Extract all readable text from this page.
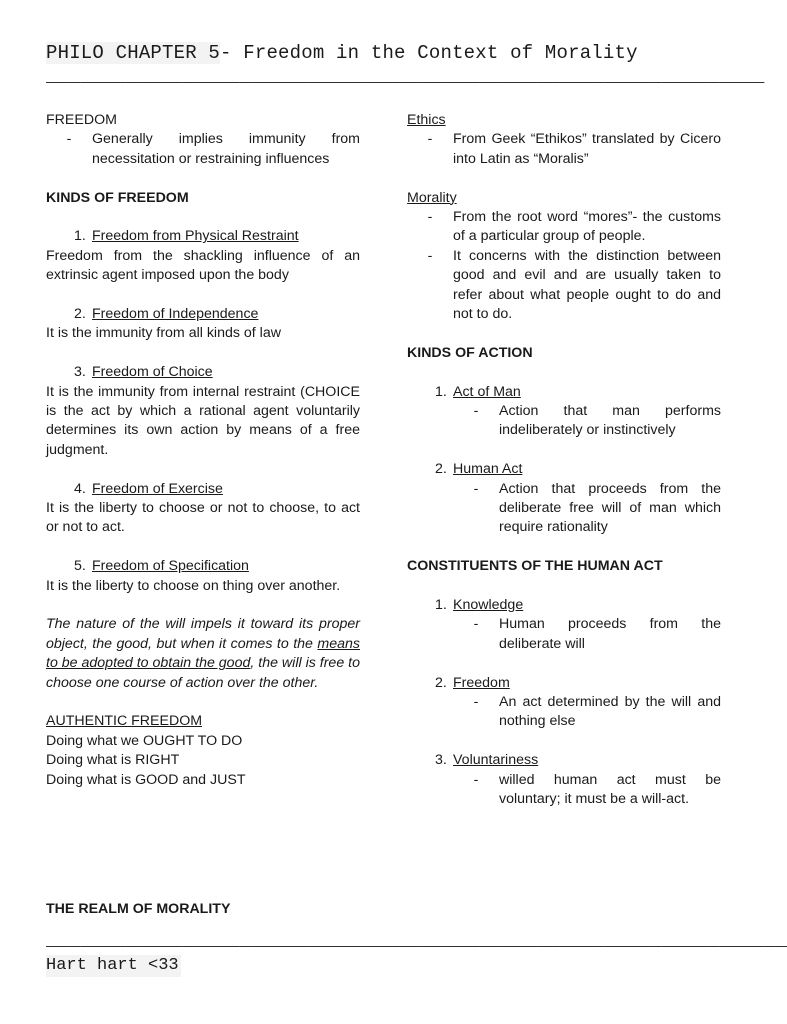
PHILO CHAPTER 5- Freedom in the Context of Morality
_______________________________________________________________

FREEDOM

-	Generally implies immunity from necessitation or restraining influences

KINDS OF FREEDOM

1. Freedom from Physical Restraint

Freedom from the shackling influence of an extrinsic agent imposed upon the body

2. Freedom of Independence

It is the immunity from all kinds of law

3. Freedom of Choice

It is the immunity from internal restraint (CHOICE is the act by which a rational agent voluntarily determines its own action by means of a free judgment.

4. Freedom of Exercise

It is the liberty to choose or not to choose, to act or not to act.

5. Freedom of Specification

It is the liberty to choose on thing over another.

The nature of the will impels it toward its proper object, the good, but when it comes to the means to be adopted to obtain the good, the will is free to choose one course of action over the other.

AUTHENTIC FREEDOM

Doing what we OUGHT TO DO

Doing what is RIGHT

Doing what is GOOD and JUST

Ethics

-	From Geek “Ethikos” translated by Cicero into Latin as “Moralis”

Morality

-	From the root word “mores”- the customs of a particular group of people.
-	It concerns with the distinction between good and evil and are usually taken to refer about what people ought to do and not to do.

KINDS OF ACTION

1. Act of Man
-	Action that man performs indeliberately or instinctively
2. Human Act
-	Action that proceeds from the deliberate free will of man which require rationality

CONSTITUENTS OF THE HUMAN ACT

1. Knowledge
-	Human proceeds from the deliberate will
2. Freedom
-	An act determined by the will and nothing else
3. Voluntariness
-	willed human act must be voluntary; it must be a will-act.

THE REALM OF MORALITY

_________________________________________________________________
Hart hart <33
